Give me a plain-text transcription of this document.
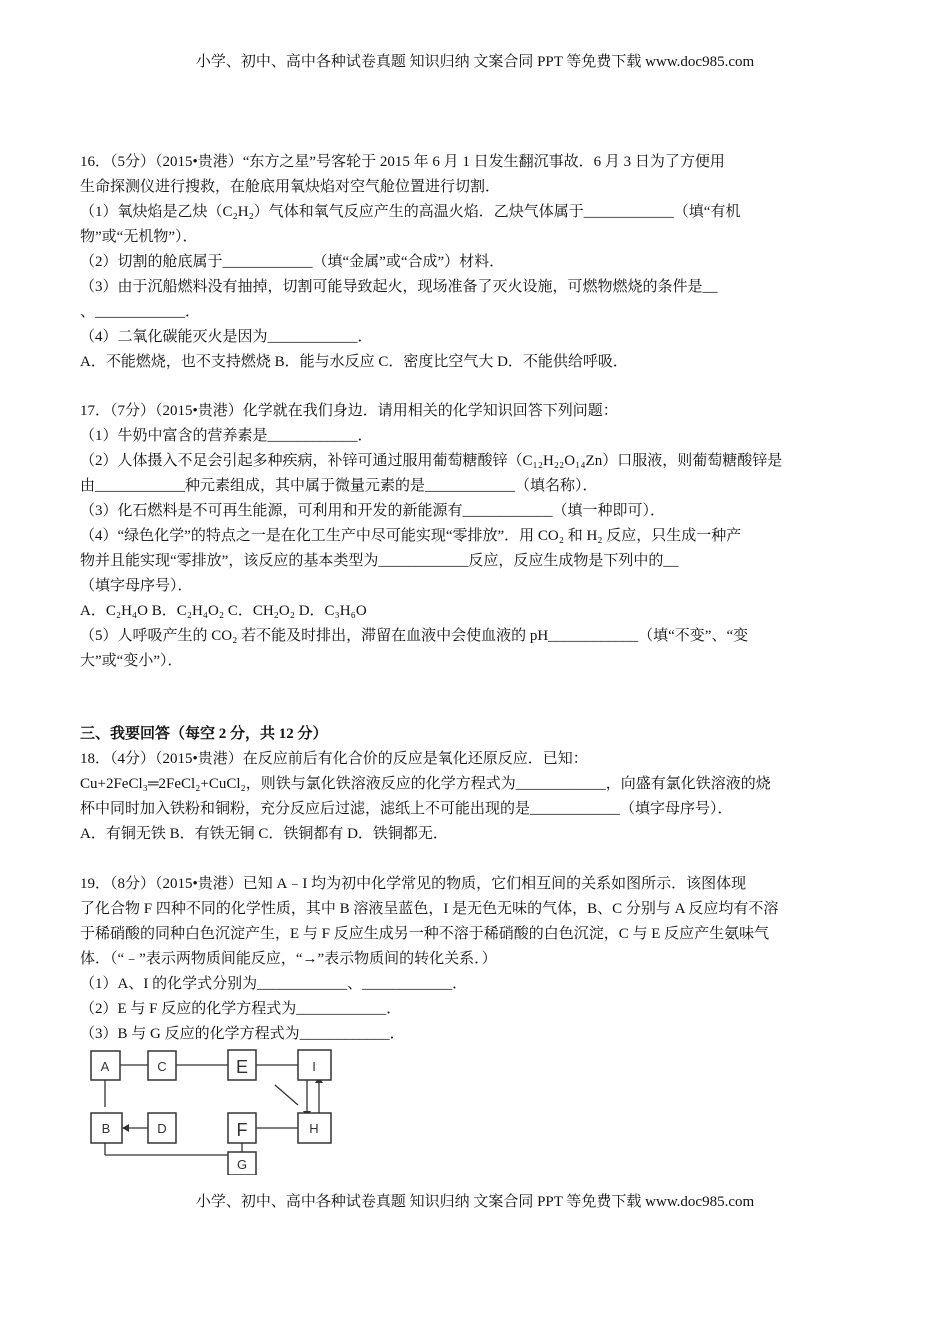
小学、初中、高中各种试卷真题 知识归纳 文案合同 PPT 等免费下载 www.doc985.com
16．（5分）（2015•贵港）“东方之星”号客轮于 2015 年 6 月 1 日发生翻沉事故．6 月 3 日为了方便用
生命探测仪进行搜救，在舱底用氧炔焰对空气舱位置进行切割．
（1）氧炔焰是乙炔（C₂H₂）气体和氧气反应产生的高温火焰．乙炔气体属于____________（填“有机
物”或“无机物”）．
（2）切割的舱底属于____________（填“金属”或“合成”）材料．
（3）由于沉船燃料没有抽掉，切割可能导致起火，现场准备了灭火设施，可燃物燃烧的条件是__
、____________．
（4）二氧化碳能灭火是因为____________．
A．不能燃烧，也不支持燃烧 B．能与水反应 C．密度比空气大 D．不能供给呼吸．
17．（7分）（2015•贵港）化学就在我们身边．请用相关的化学知识回答下列问题：
（1）牛奶中富含的营养素是____________．
（2）人体摄入不足会引起多种疾病，补锌可通过服用葡萄糖酸锌（C₁₂H₂₂O₁₄Zn）口服液，则葡萄糖酸锌是
由____________种元素组成，其中属于微量元素的是____________（填名称）．
（3）化石燃料是不可再生能源，可利用和开发的新能源有____________（填一种即可）．
（4）“绿色化学”的特点之一是在化工生产中尽可能实现“零排放”．用 CO₂ 和 H₂ 反应，只生成一种产
物并且能实现“零排放”，该反应的基本类型为____________反应，反应生成物是下列中的__
（填字母序号）．
A．C₂H₄O B．C₂H₄O₂ C．CH₂O₂ D．C₃H₆O
（5）人呼吸产生的 CO₂ 若不能及时排出，滞留在血液中会使血液的 pH____________（填“不变”、“变
大”或“变小”）．
三、我要回答（每空 2 分，共 12 分）
18．（4分）（2015•贵港）在反应前后有化合价的反应是氧化还原反应．已知：
Cu+2FeCl₃═2FeCl₂+CuCl₂，则铁与氯化铁溶液反应的化学方程式为____________，向盛有氯化铁溶液的烧
杯中同时加入铁粉和铜粉，充分反应后过滤，滤纸上不可能出现的是____________（填字母序号）．
A．有铜无铁 B．有铁无铜 C．铁铜都有 D．铁铜都无．
19．（8分）（2015•贵港）已知 A﹣I 均为初中化学常见的物质，它们相互间的关系如图所示．该图体现
了化合物 F 四种不同的化学性质，其中 B 溶液呈蓝色，I 是无色无味的气体，B、C 分别与 A 反应均有不溶
于稀硝酸的同种白色沉淀产生，E 与 F 反应生成另一种不溶于稀硝酸的白色沉淀，C 与 E 反应产生氨味气
体．（“﹣”表示两物质间能反应，“→”表示物质间的转化关系．）
（1）A、I 的化学式分别为____________、____________．
（2）E 与 F 反应的化学方程式为____________．
（3）B 与 G 反应的化学方程式为____________．
A
B
C
D
E
F
G
H
I
小学、初中、高中各种试卷真题 知识归纳 文案合同 PPT 等免费下载 www.doc985.com
